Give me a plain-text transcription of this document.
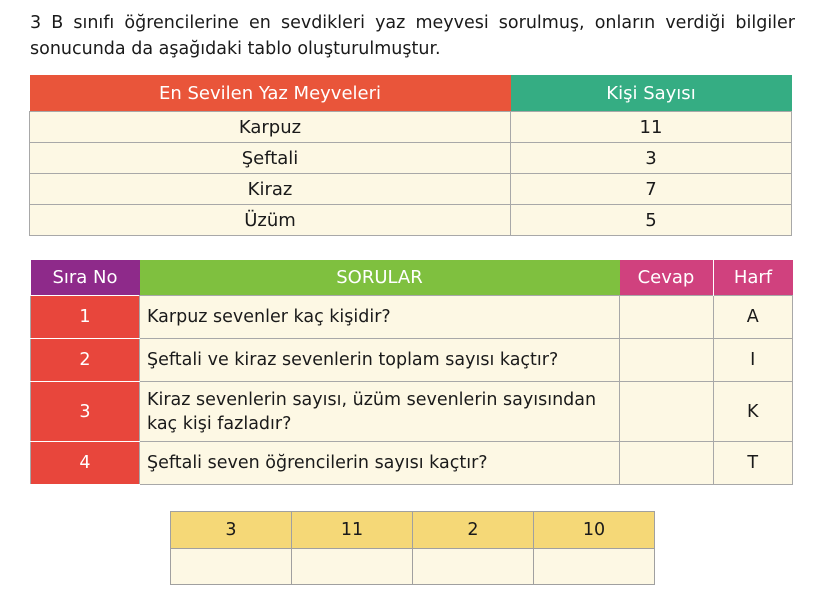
3 B sınıfı öğrencilerine en sevdikleri yaz meyvesi sorulmuş, onların verdiği bilgiler sonucunda da aşağıdaki tablo oluşturulmuştur.

En Sevilen Yaz Meyveleri	Kişi Sayısı
Karpuz	11
Şeftali	3
Kiraz	7
Üzüm	5
Sıra No	SORULAR	Cevap	Harf
1	Karpuz sevenler kaç kişidir?		A
2	Şeftali ve kiraz sevenlerin toplam sayısı kaçtır?		I
3	Kiraz sevenlerin sayısı, üzüm sevenlerin sayısından
kaç kişi fazladır?		K
4	Şeftali seven öğrencilerin sayısı kaçtır?		T
3	11	2	10
